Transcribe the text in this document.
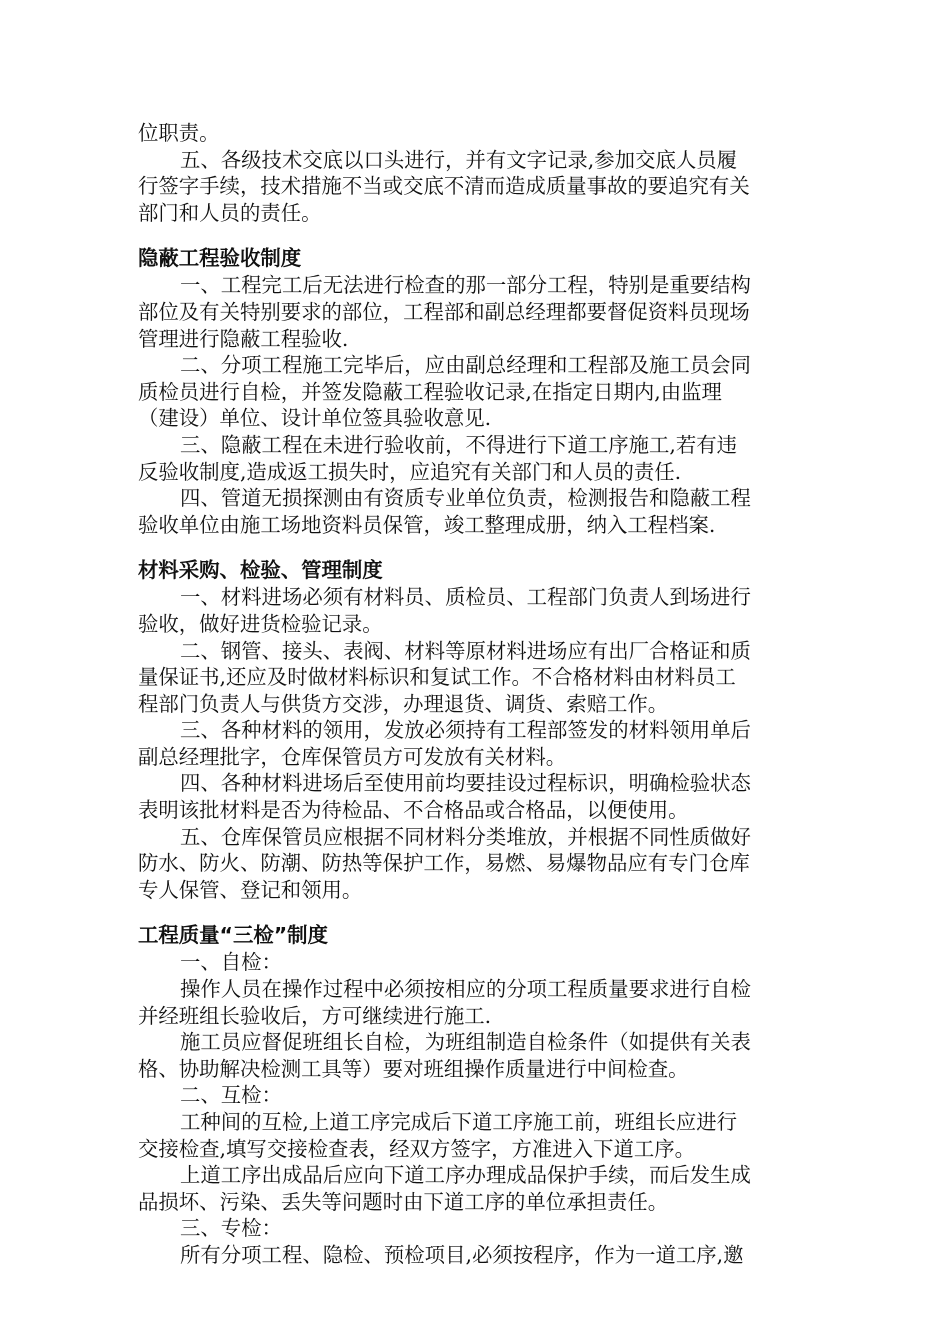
位职责。
五、各级技术交底以口头进行，并有文字记录,参加交底人员履
行签字手续，技术措施不当或交底不清而造成质量事故的要追究有关
部门和人员的责任。
隐蔽工程验收制度
一、工程完工后无法进行检查的那一部分工程，特别是重要结构
部位及有关特别要求的部位，工程部和副总经理都要督促资料员现场
管理进行隐蔽工程验收.
二、分项工程施工完毕后，应由副总经理和工程部及施工员会同
质检员进行自检，并签发隐蔽工程验收记录,在指定日期内,由监理
（建设）单位、设计单位签具验收意见.
三、隐蔽工程在未进行验收前，不得进行下道工序施工,若有违
反验收制度,造成返工损失时，应追究有关部门和人员的责任.
四、管道无损探测由有资质专业单位负责，检测报告和隐蔽工程
验收单位由施工场地资料员保管，竣工整理成册，纳入工程档案.
材料采购、检验、管理制度
一、材料进场必须有材料员、质检员、工程部门负责人到场进行
验收，做好进货检验记录。
二、钢管、接头、表阀、材料等原材料进场应有出厂合格证和质
量保证书,还应及时做材料标识和复试工作。不合格材料由材料员工
程部门负责人与供货方交涉，办理退货、调货、索赔工作。
三、各种材料的领用，发放必须持有工程部签发的材料领用单后
副总经理批字，仓库保管员方可发放有关材料。
四、各种材料进场后至使用前均要挂设过程标识，明确检验状态
表明该批材料是否为待检品、不合格品或合格品，以便使用。
五、仓库保管员应根据不同材料分类堆放，并根据不同性质做好
防水、防火、防潮、防热等保护工作，易燃、易爆物品应有专门仓库
专人保管、登记和领用。
工程质量“三检”制度
一、自检：
操作人员在操作过程中必须按相应的分项工程质量要求进行自检
并经班组长验收后，方可继续进行施工.
施工员应督促班组长自检，为班组制造自检条件（如提供有关表
格、协助解决检测工具等）要对班组操作质量进行中间检查。
二、互检：
工种间的互检,上道工序完成后下道工序施工前，班组长应进行
交接检查,填写交接检查表，经双方签字，方准进入下道工序。
上道工序出成品后应向下道工序办理成品保护手续，而后发生成
品损坏、污染、丢失等问题时由下道工序的单位承担责任。
三、专检：
所有分项工程、隐检、预检项目,必须按程序，作为一道工序,邀
